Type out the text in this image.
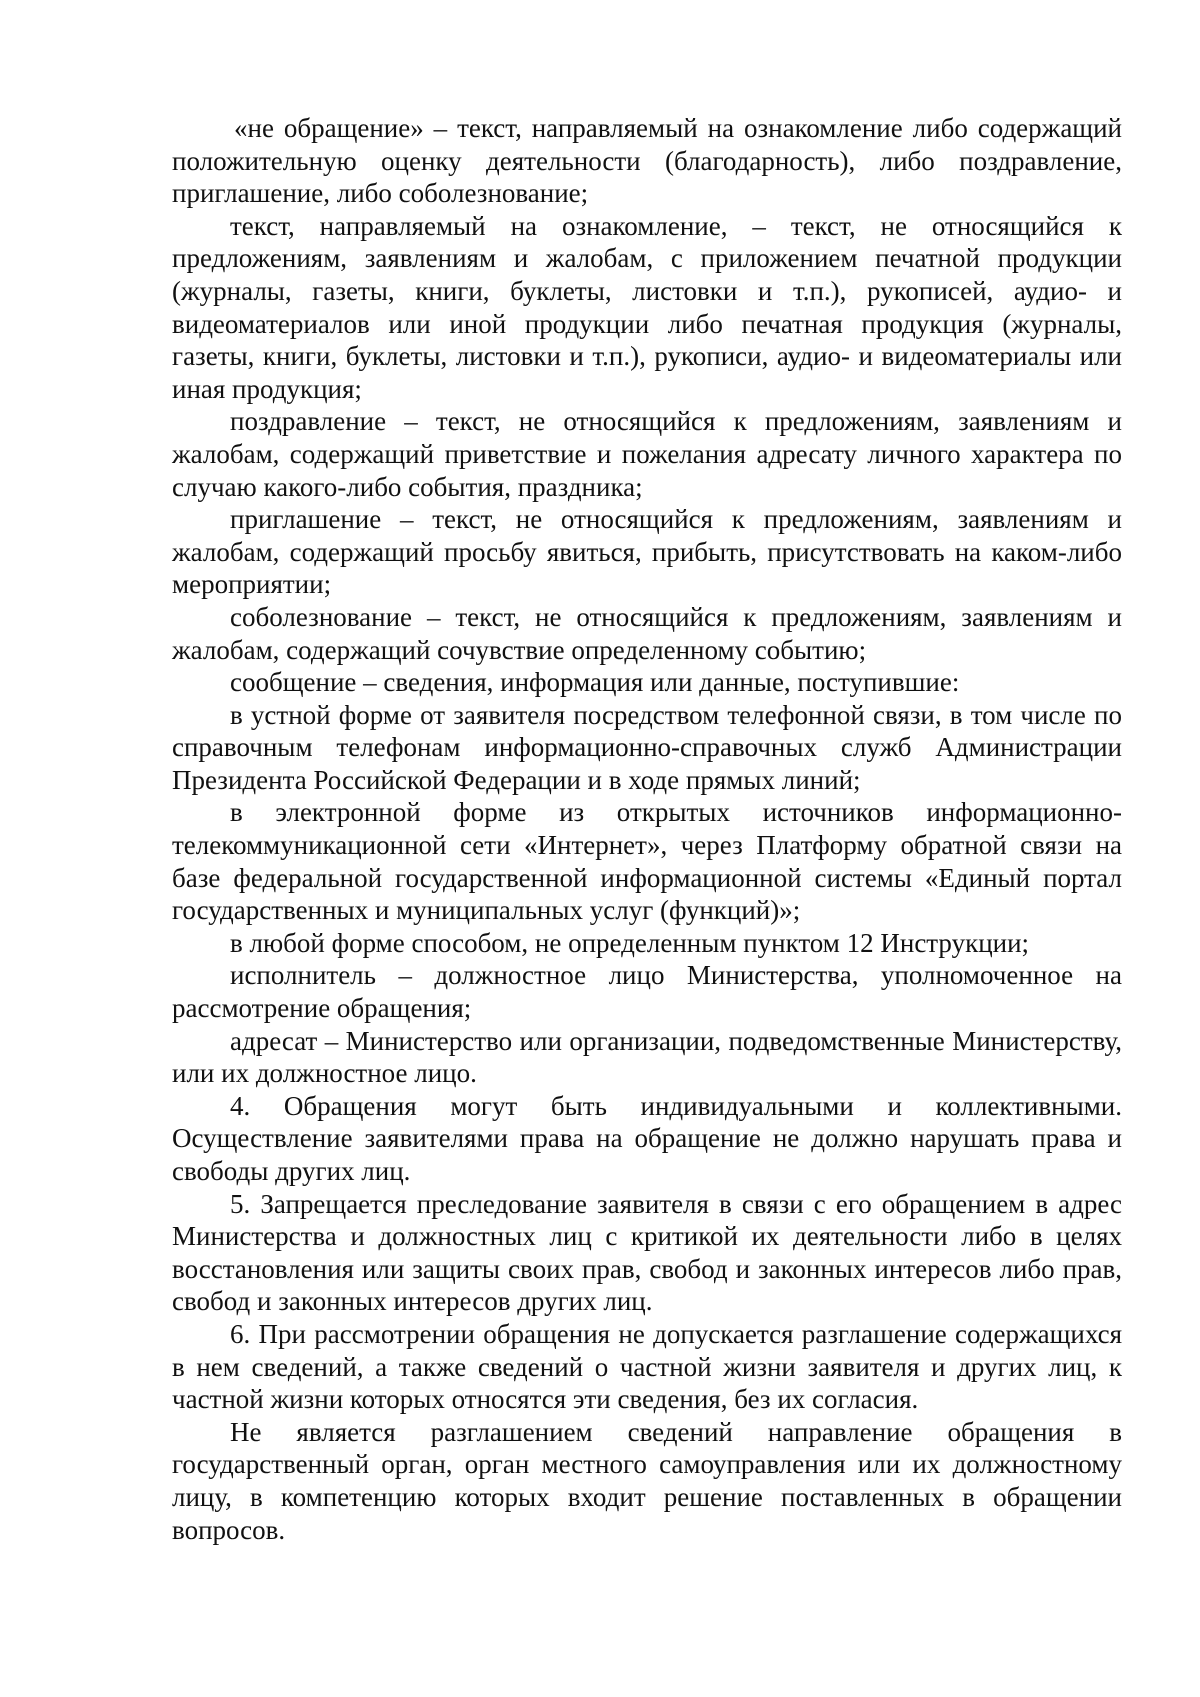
«не обращение» – текст, направляемый на ознакомление либо содержащий положительную оценку деятельности (благодарность), либо поздравление, приглашение, либо соболезнование;

текст, направляемый на ознакомление, – текст, не относящийся к предложениям, заявлениям и жалобам, с приложением печатной продукции (журналы, газеты, книги, буклеты, листовки и т.п.), рукописей, аудио- и видеоматериалов или иной продукции либо печатная продукция (журналы, газеты, книги, буклеты, листовки и т.п.), рукописи, аудио- и видеоматериалы или иная продукция;

поздравление – текст, не относящийся к предложениям, заявлениям и жалобам, содержащий приветствие и пожелания адресату личного характера по случаю какого-либо события, праздника;

приглашение – текст, не относящийся к предложениям, заявлениям и жалобам, содержащий просьбу явиться, прибыть, присутствовать на каком-либо мероприятии;

соболезнование – текст, не относящийся к предложениям, заявлениям и жалобам, содержащий сочувствие определенному событию;

сообщение – сведения, информация или данные, поступившие:

в устной форме от заявителя посредством телефонной связи, в том числе по справочным телефонам информационно-справочных служб Администрации Президента Российской Федерации и в ходе прямых линий;

в электронной форме из открытых источников информационно-телекоммуникационной сети «Интернет», через Платформу обратной связи на базе федеральной государственной информационной системы «Единый портал государственных и муниципальных услуг (функций)»;

в любой форме способом, не определенным пунктом 12 Инструкции;

исполнитель – должностное лицо Министерства, уполномоченное на рассмотрение обращения;

адресат – Министерство или организации, подведомственные Министерству, или их должностное лицо.

4. Обращения могут быть индивидуальными и коллективными. Осуществление заявителями права на обращение не должно нарушать права и свободы других лиц.

5. Запрещается преследование заявителя в связи с его обращением в адрес Министерства и должностных лиц с критикой их деятельности либо в целях восстановления или защиты своих прав, свобод и законных интересов либо прав, свобод и законных интересов других лиц.

6. При рассмотрении обращения не допускается разглашение содержащихся в нем сведений, а также сведений о частной жизни заявителя и других лиц, к частной жизни которых относятся эти сведения, без их согласия.

Не является разглашением сведений направление обращения в государственный орган, орган местного самоуправления или их должностному лицу, в компетенцию которых входит решение поставленных в обращении вопросов.
